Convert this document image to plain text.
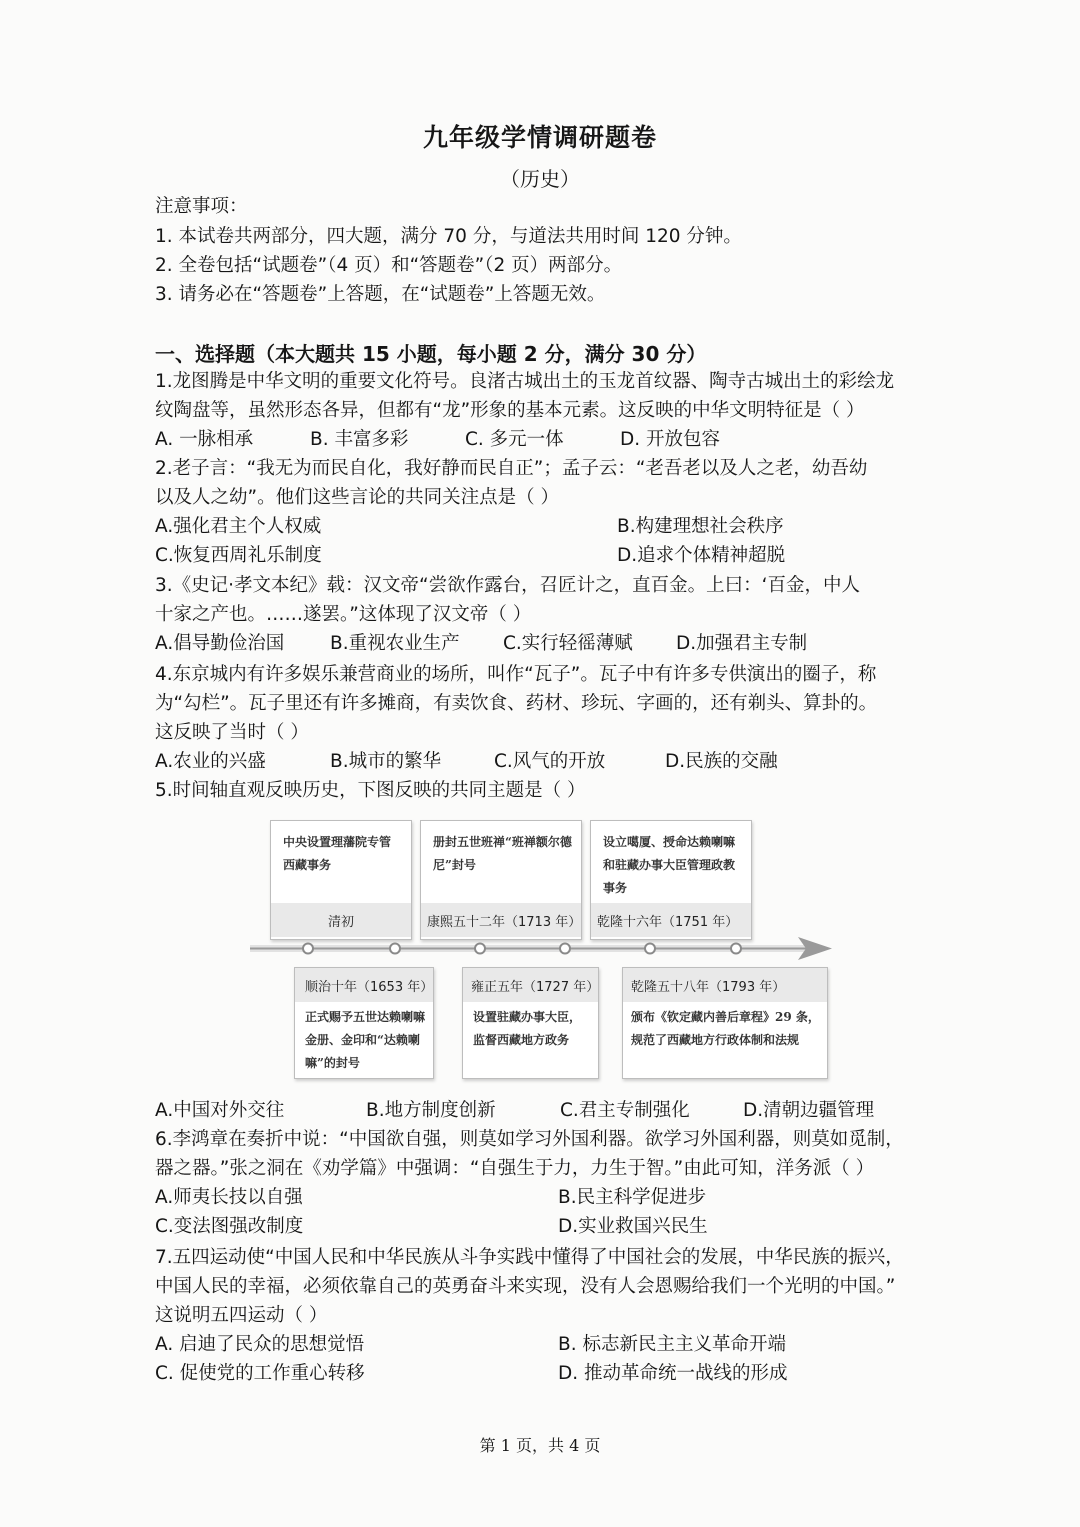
九年级学情调研题卷
（历史）
注意事项：
1. 本试卷共两部分，四大题，满分 70 分，与道法共用时间 120 分钟。
2. 全卷包括“试题卷”（4 页）和“答题卷”（2 页）两部分。
3. 请务必在“答题卷”上答题，在“试题卷”上答题无效。
一、选择题（本大题共 15 小题，每小题 2 分，满分 30 分）
1.龙图腾是中华文明的重要文化符号。良渚古城出土的玉龙首纹器、陶寺古城出土的彩绘龙
纹陶盘等，虽然形态各异，但都有“龙”形象的基本元素。这反映的中华文明特征是（ ）
A. 一脉相承	B. 丰富多彩	C. 多元一体	D. 开放包容
2.老子言：“我无为而民自化，我好静而民自正”；孟子云：“老吾老以及人之老，幼吾幼
以及人之幼”。他们这些言论的共同关注点是（ ）
A.强化君主个人权威	B.构建理想社会秩序
C.恢复西周礼乐制度	D.追求个体精神超脱
3.《史记·孝文本纪》载：汉文帝“尝欲作露台，召匠计之，直百金。上曰：‘百金，中人
十家之产也。……遂罢。”这体现了汉文帝（ ）
A.倡导勤俭治国 B.重视农业生产 C.实行轻徭薄赋 D.加强君主专制
4.东京城内有许多娱乐兼营商业的场所，叫作“瓦子”。瓦子中有许多专供演出的圈子，称
为“勾栏”。瓦子里还有许多摊商，有卖饮食、药材、珍玩、字画的，还有剃头、算卦的。
这反映了当时（ ）
A.农业的兴盛	B.城市的繁华	C.风气的开放	D.民族的交融
5.时间轴直观反映历史，下图反映的共同主题是（ ）
中央设置理藩院专管西藏事务
清初
册封五世班禅“班禅额尔德尼”封号
康熙五十二年（1713 年）
设立噶厦、授命达赖喇嘛和驻藏办事大臣管理政教事务
乾隆十六年（1751 年）
顺治十年（1653 年）
正式赐予五世达赖喇嘛金册、金印和“达赖喇嘛”的封号
雍正五年（1727 年）
设置驻藏办事大臣，监督西藏地方政务
乾隆五十八年（1793 年）
颁布《钦定藏内善后章程》29 条，规范了西藏地方行政体制和法规
A.中国对外交往	B.地方制度创新	C.君主专制强化	D.清朝边疆管理
6.李鸿章在奏折中说：“中国欲自强，则莫如学习外国利器。欲学习外国利器，则莫如觅制，
器之器。”张之洞在《劝学篇》中强调：“自强生于力，力生于智。”由此可知，洋务派（ ）
A.师夷长技以自强	B.民主科学促进步
C.变法图强改制度	D.实业救国兴民生
7.五四运动使“中国人民和中华民族从斗争实践中懂得了中国社会的发展，中华民族的振兴，
中国人民的幸福，必须依靠自己的英勇奋斗来实现，没有人会恩赐给我们一个光明的中国。”
这说明五四运动（ ）
A. 启迪了民众的思想觉悟	B. 标志新民主主义革命开端
C. 促使党的工作重心转移	D. 推动革命统一战线的形成
第 1 页，共 4 页
